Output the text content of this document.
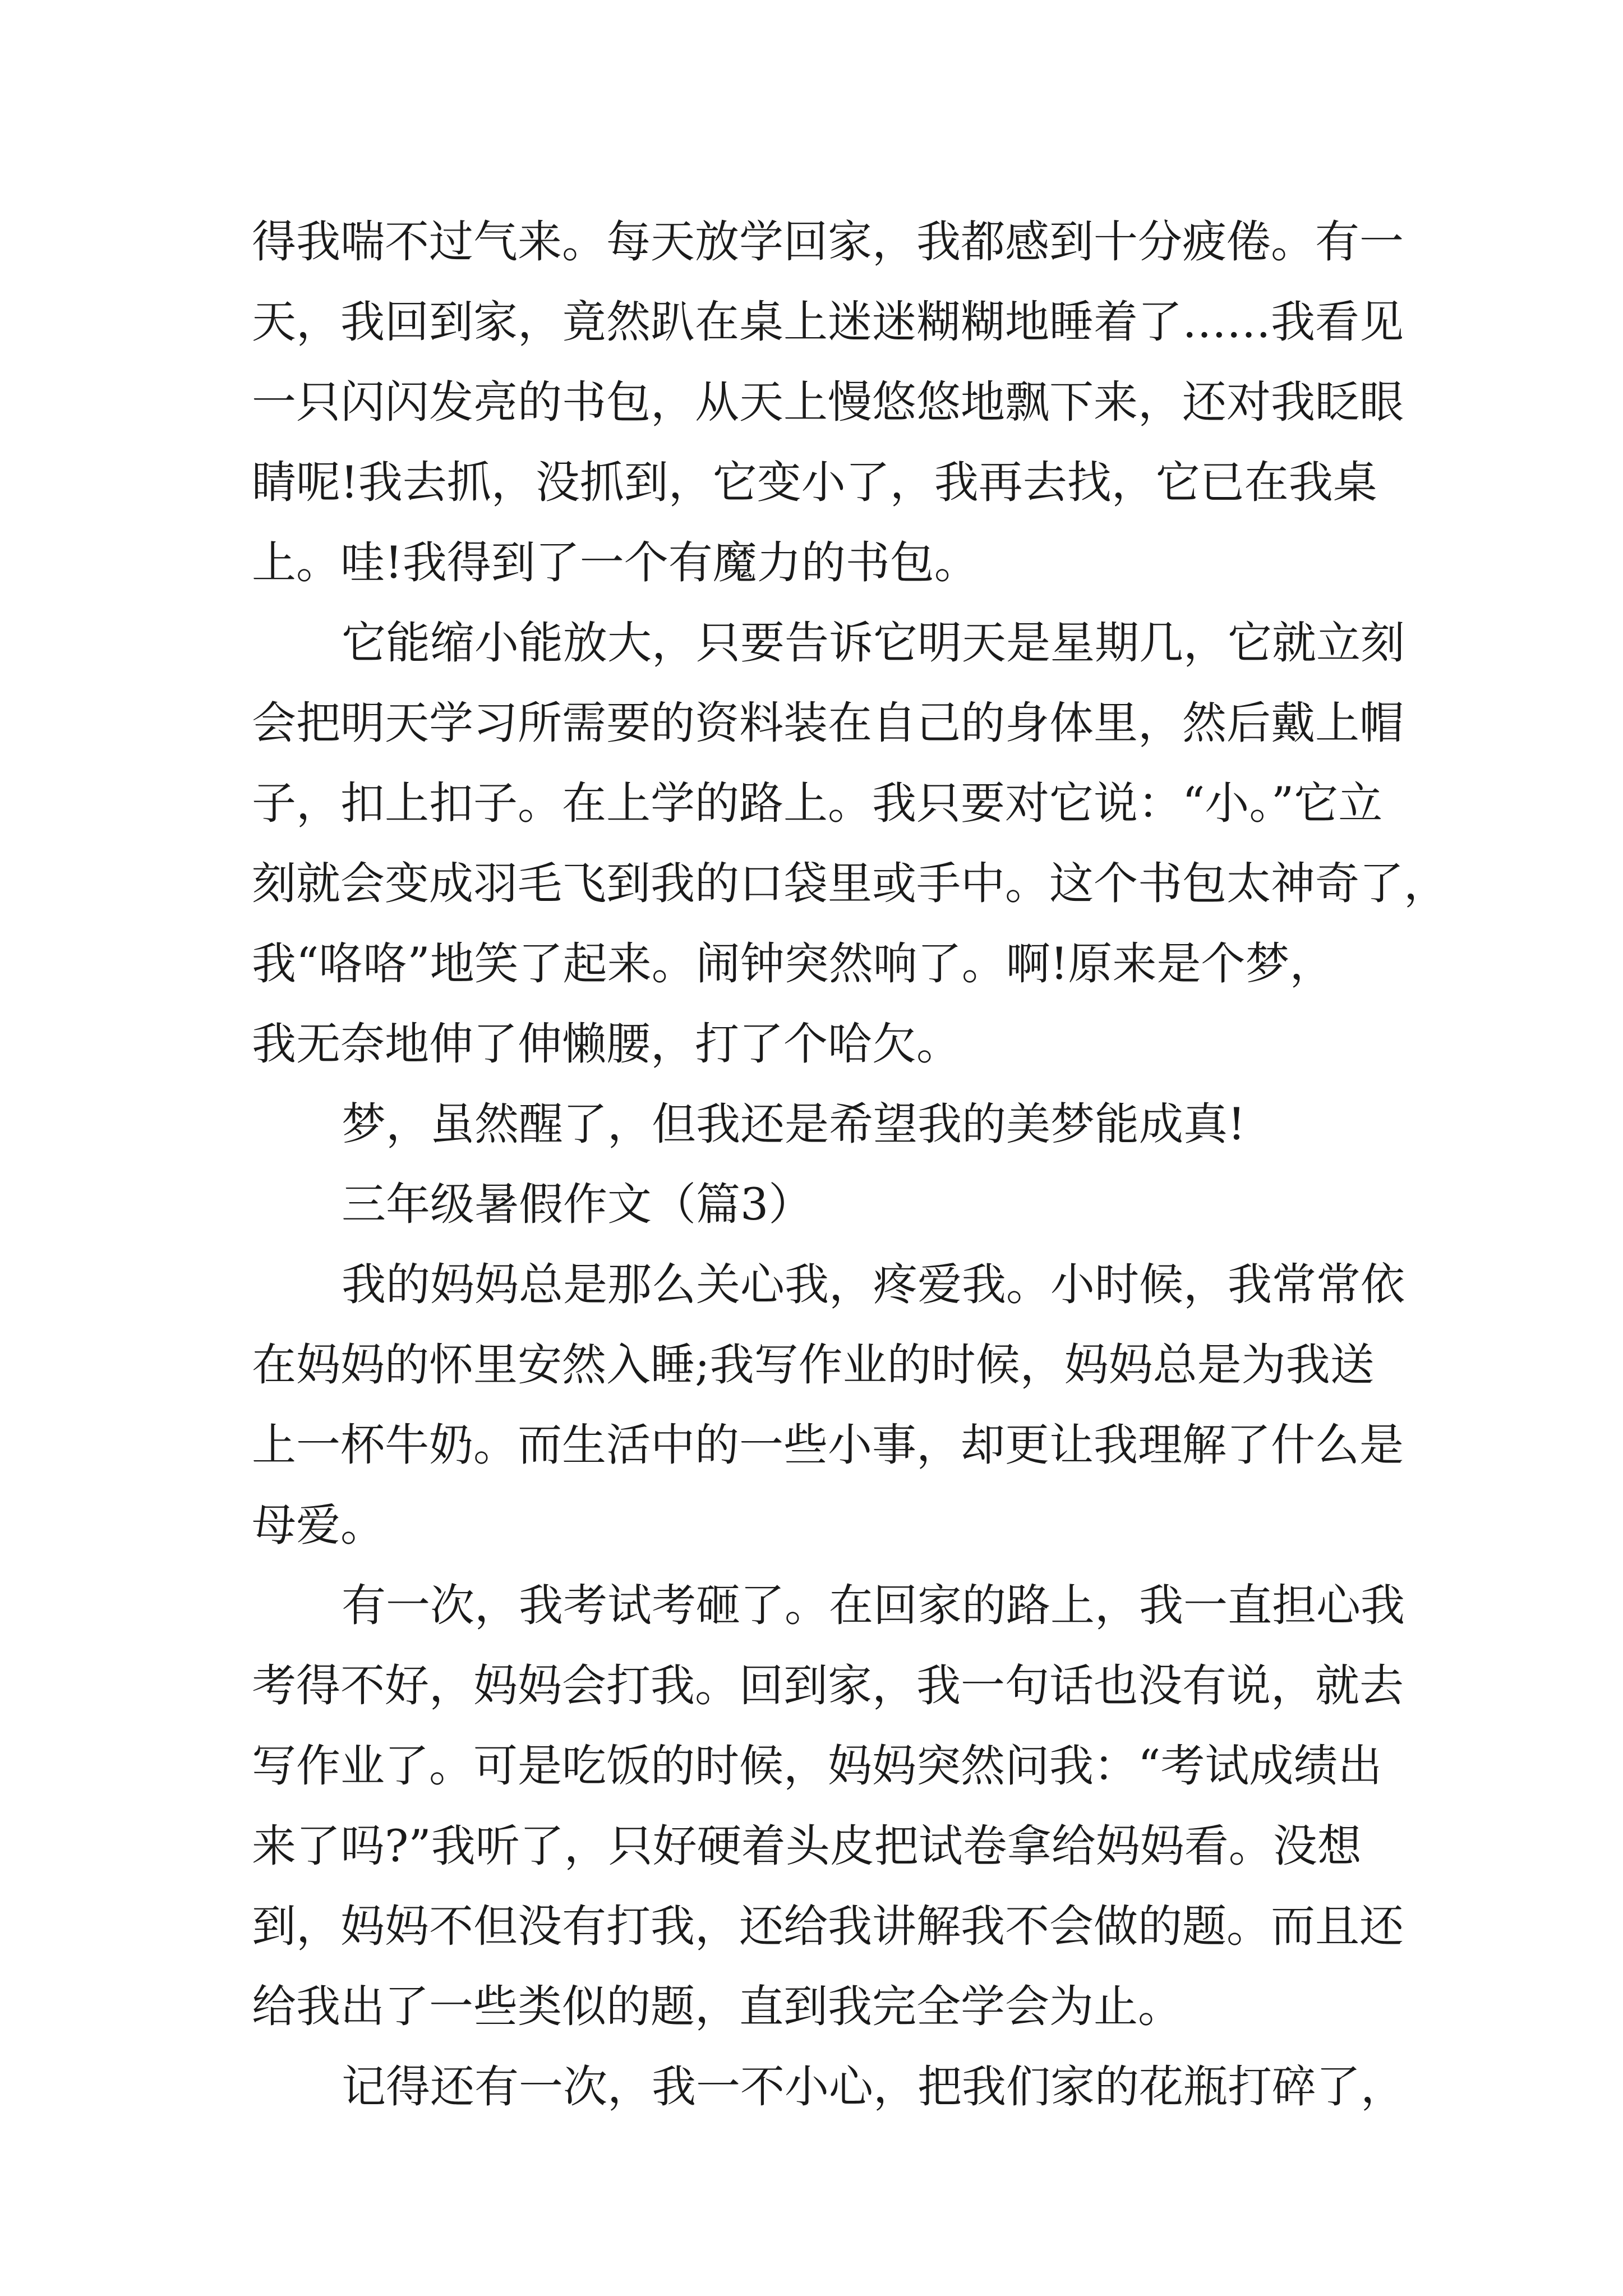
得我喘不过气来。每天放学回家，我都感到十分疲倦。有一
天，我回到家，竟然趴在桌上迷迷糊糊地睡着了……我看见
一只闪闪发亮的书包，从天上慢悠悠地飘下来，还对我眨眼
睛呢!我去抓，没抓到，它变小了，我再去找，它已在我桌
上。哇!我得到了一个有魔力的书包。
它能缩小能放大，只要告诉它明天是星期几，它就立刻
会把明天学习所需要的资料装在自己的身体里，然后戴上帽
子，扣上扣子。在上学的路上。我只要对它说：“小。”它立
刻就会变成羽毛飞到我的口袋里或手中。这个书包太神奇了，
我“咯咯”地笑了起来。闹钟突然响了。啊!原来是个梦，
我无奈地伸了伸懒腰，打了个哈欠。
梦，虽然醒了，但我还是希望我的美梦能成真!
三年级暑假作文（篇3）
我的妈妈总是那么关心我，疼爱我。小时候，我常常依
在妈妈的怀里安然入睡;我写作业的时候，妈妈总是为我送
上一杯牛奶。而生活中的一些小事，却更让我理解了什么是
母爱。
有一次，我考试考砸了。在回家的路上，我一直担心我
考得不好，妈妈会打我。回到家，我一句话也没有说，就去
写作业了。可是吃饭的时候，妈妈突然问我：“考试成绩出
来了吗?”我听了，只好硬着头皮把试卷拿给妈妈看。没想
到，妈妈不但没有打我，还给我讲解我不会做的题。而且还
给我出了一些类似的题，直到我完全学会为止。
记得还有一次，我一不小心，把我们家的花瓶打碎了，
